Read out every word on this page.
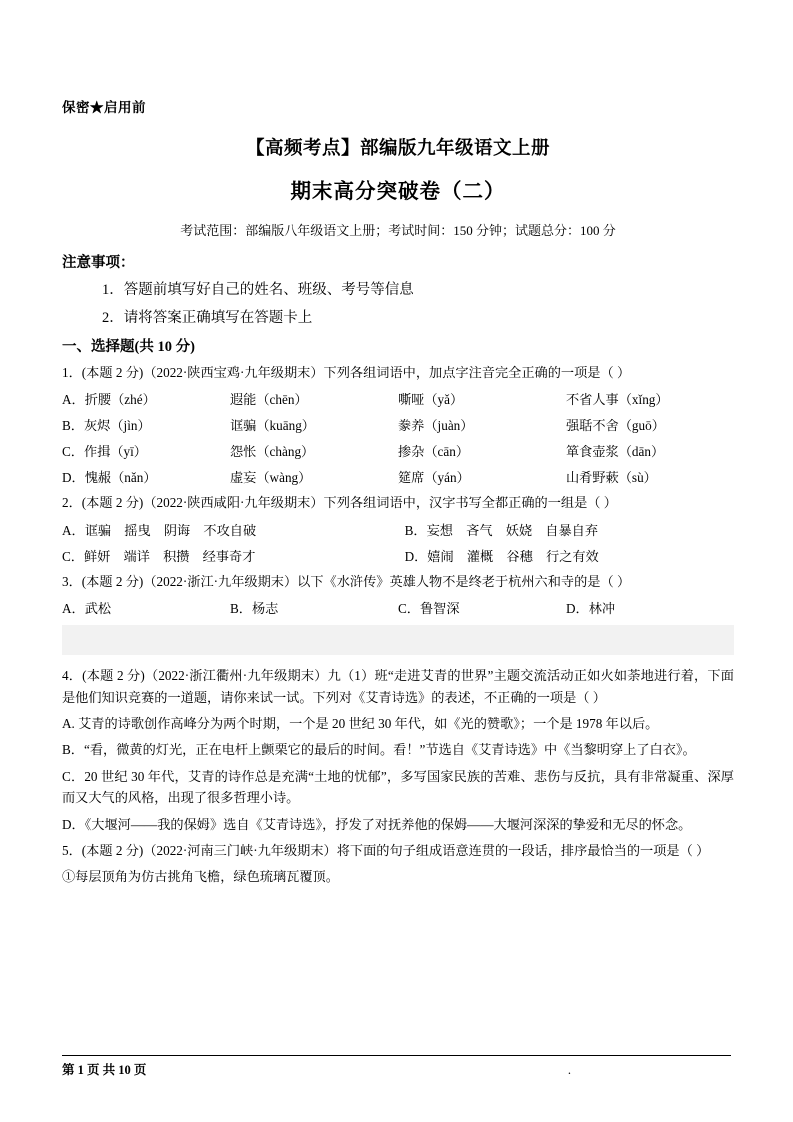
保密★启用前
【高频考点】部编版九年级语文上册
期末高分突破卷（二）
考试范围：部编版八年级语文上册；考试时间：150 分钟；试题总分：100 分
注意事项：
1．答题前填写好自己的姓名、班级、考号等信息
2．请将答案正确填写在答题卡上
一、选择题(共 10 分)
1．(本题 2 分)（2022·陕西宝鸡·九年级期末）下列各组词语中，加点字注音完全正确的一项是（ ）
A．折腰（zhé）	遐能（chēn）	嘶哑（yǎ）	不省人事（xǐng）
B．灰烬（jìn）	诓骗（kuāng）	豢养（juàn）	强聒不舍（guō）
C．作揖（yī）	怨怅（chàng）	掺杂（cān）	箪食壶浆（dān）
D．愧赧（nǎn）	虚妄（wàng）	筵席（yán）	山肴野蔌（sù）
2．(本题 2 分)（2022·陕西咸阳·九年级期末）下列各组词语中，汉字书写全都正确的一组是（ ）
A．诓骗　摇曳　阴诲　不攻自破	B．妄想　吝气　妖娆　自暴自弃
C．鲜妍　端详　积攒　经事奇才	D．嬉闹　灌概　谷穗　行之有效
3．(本题 2 分)（2022·浙江·九年级期末）以下《水浒传》英雄人物不是终老于杭州六和寺的是（ ）
A．武松	B．杨志	C．鲁智深	D．林冲
4．(本题 2 分)（2022·浙江衢州·九年级期末）九（1）班“走进艾青的世界”主题交流活动正如火如荼地进行着，下面是他们知识竞赛的一道题，请你来试一试。下列对《艾青诗选》的表述，不正确的一项是（ ）
A. 艾青的诗歌创作高峰分为两个时期，一个是 20 世纪 30 年代，如《光的赞歌》；一个是 1978 年以后。
B．“看，微黄的灯光，正在电杆上颤栗它的最后的时间。看！”节选自《艾青诗选》中《当黎明穿上了白衣》。
C．20 世纪 30 年代，艾青的诗作总是充满“土地的忧郁”，多写国家民族的苦难、悲伤与反抗，具有非常凝重、深厚而又大气的风格，出现了很多哲理小诗。
D．《大堰河——我的保姆》选自《艾青诗选》，抒发了对抚养他的保姆——大堰河深深的挚爱和无尽的怀念。
5．(本题 2 分)（2022·河南三门峡·九年级期末）将下面的句子组成语意连贯的一段话，排序最恰当的一项是（ ）
①每层顶角为仿古挑角飞檐，绿色琉璃瓦覆顶。
第 1 页 共 10 页	.
